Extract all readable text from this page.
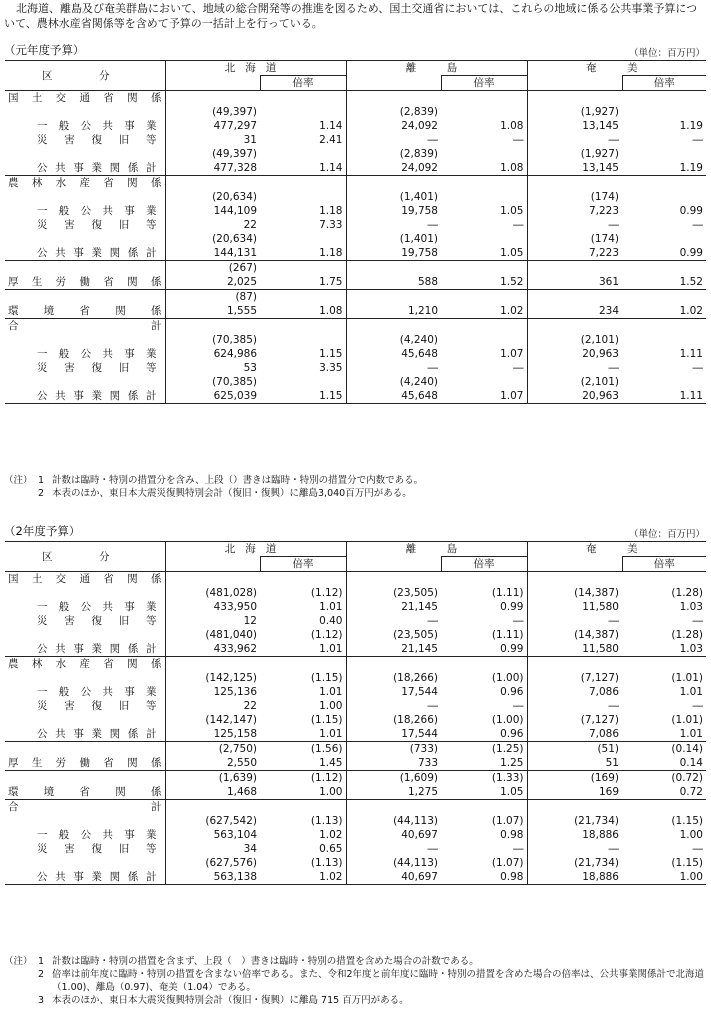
北海道、離島及び奄美群島において、地域の総合開発等の推進を図るため、国土交通省においては、これらの地域に係る公共事業予算について、農林水産省関係等を含めて予算の一括計上を行っている。

（元年度予算）	（単位：百万円）
区　分	北海道		離　島		奄　美	
		倍率		倍率		倍率
国土交通省関係						
	(49,397)		(2,839)		(1,927)	
一般公共事業	477,297	1.14	24,092	1.08	13,145	1.19
災害復旧等	31	2.41	―	―	―	―
	(49,397)		(2,839)		(1,927)	
公共事業関係計	477,328	1.14	24,092	1.08	13,145	1.19
農林水産省関係						
	(20,634)		(1,401)		(174)	
一般公共事業	144,109	1.18	19,758	1.05	7,223	0.99
災害復旧等	22	7.33	―	―	―	―
	(20,634)		(1,401)		(174)	
公共事業関係計	144,131	1.18	19,758	1.05	7,223	0.99
	(267)					
厚生労働省関係	2,025	1.75	588	1.52	361	1.52
	(87)					
環境省関係	1,555	1.08	1,210	1.02	234	1.02
合計						
	(70,385)		(4,240)		(2,101)	
一般公共事業	624,986	1.15	45,648	1.07	20,963	1.11
災害復旧等	53	3.35	―	―	―	―
	(70,385)		(4,240)		(2,101)	
公共事業関係計	625,039	1.15	45,648	1.07	20,963	1.11
（注） 1 計数は臨時・特別の措置分を含み、上段（）書きは臨時・特別の措置分で内数である。
2 本表のほか、東日本大震災復興特別会計（復旧・復興）に離島3,040百万円がある。
（2年度予算）	（単位：百万円）
区　分	北海道		離　島		奄　美	
		倍率		倍率		倍率
国土交通省関係						
	(481,028)	(1.12)	(23,505)	(1.11)	(14,387)	(1.28)
一般公共事業	433,950	1.01	21,145	0.99	11,580	1.03
災害復旧等	12	0.40	―	―	―	―
	(481,040)	(1.12)	(23,505)	(1.11)	(14,387)	(1.28)
公共事業関係計	433,962	1.01	21,145	0.99	11,580	1.03
農林水産省関係						
	(142,125)	(1.15)	(18,266)	(1.00)	(7,127)	(1.01)
一般公共事業	125,136	1.01	17,544	0.96	7,086	1.01
災害復旧等	22	1.00	―	―	―	―
	(142,147)	(1.15)	(18,266)	(1.00)	(7,127)	(1.01)
公共事業関係計	125,158	1.01	17,544	0.96	7,086	1.01
	(2,750)	(1.56)	(733)	(1.25)	(51)	(0.14)
厚生労働省関係	2,550	1.45	733	1.25	51	0.14
	(1,639)	(1.12)	(1,609)	(1.33)	(169)	(0.72)
環境省関係	1,468	1.00	1,275	1.05	169	0.72
合計						
	(627,542)	(1.13)	(44,113)	(1.07)	(21,734)	(1.15)
一般公共事業	563,104	1.02	40,697	0.98	18,886	1.00
災害復旧等	34	0.65	―	―	―	―
	(627,576)	(1.13)	(44,113)	(1.07)	(21,734)	(1.15)
公共事業関係計	563,138	1.02	40,697	0.98	18,886	1.00
（注） 1 計数は臨時・特別の措置を含まず、上段（　）書きは臨時・特別の措置を含めた場合の計数である。
2 倍率は前年度に臨時・特別の措置を含まない倍率である。また、令和2年度と前年度に臨時・特別の措置を含めた場合の倍率は、公共事業関係計で北海道（1.00)、離島（0.97)、奄美（1.04）である。
3 本表のほか、東日本大震災復興特別会計（復旧・復興）に離島 715 百万円がある。
